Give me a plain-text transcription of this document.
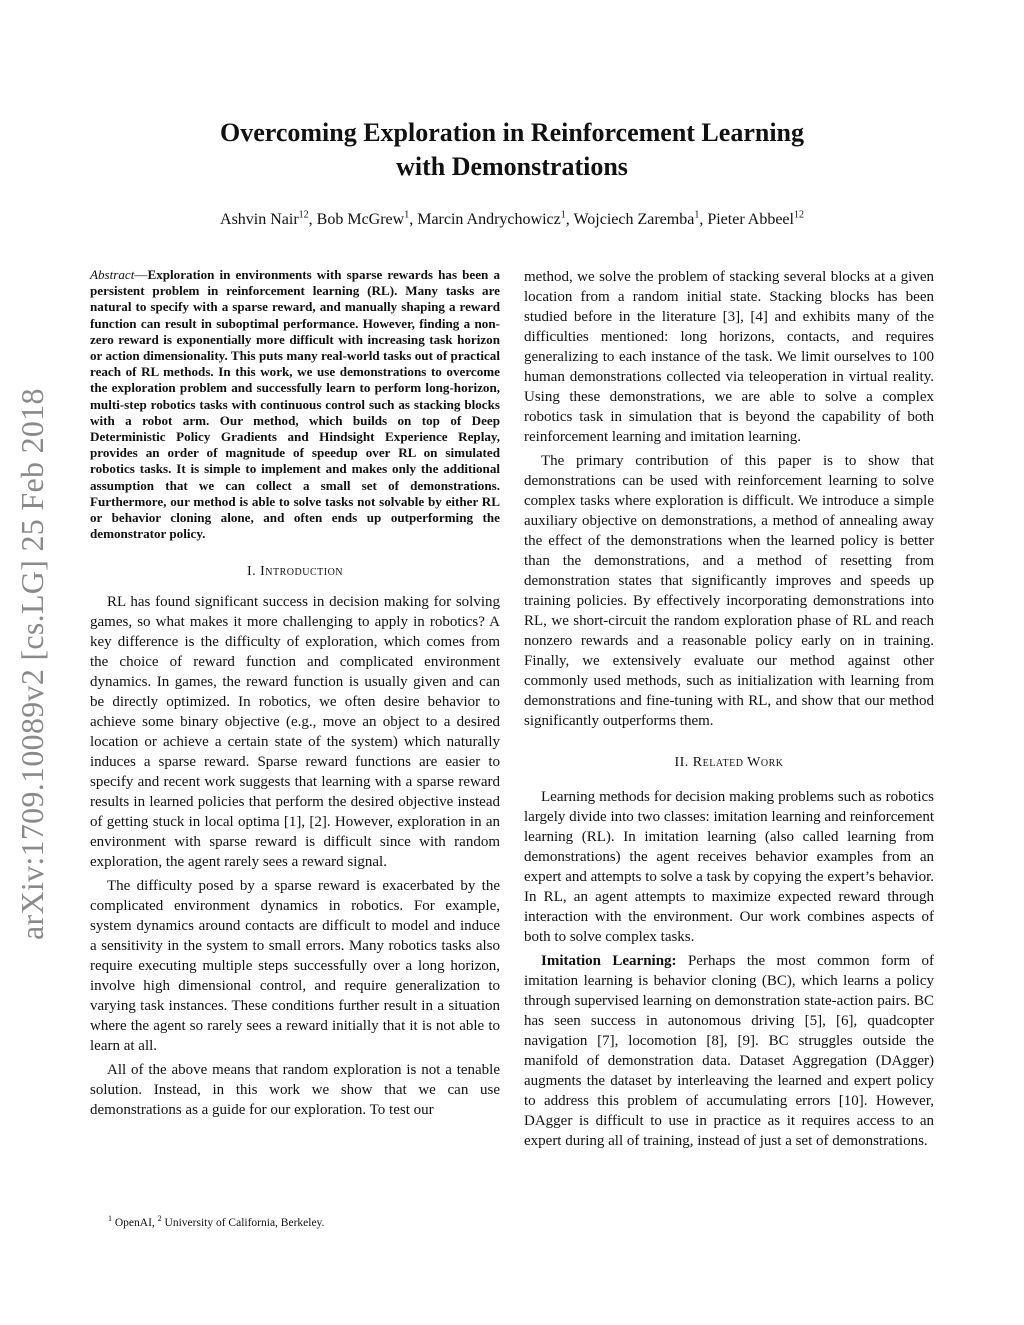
arXiv:1709.10089v2 [cs.LG] 25 Feb 2018
Overcoming Exploration in Reinforcement Learning
with Demonstrations
Ashvin Nair$^{12}$, Bob McGrew$^1$, Marcin Andrychowicz$^1$, Wojciech Zaremba$^1$, Pieter Abbeel$^{12}$

Abstract—Exploration in environments with sparse rewards has been a persistent problem in reinforcement learning (RL). Many tasks are natural to specify with a sparse reward, and manually shaping a reward function can result in suboptimal performance. However, finding a non-zero reward is exponentially more difficult with increasing task horizon or action dimensionality. This puts many real-world tasks out of practical reach of RL methods. In this work, we use demonstrations to overcome the exploration problem and successfully learn to perform long-horizon, multi-step robotics tasks with continuous control such as stacking blocks with a robot arm. Our method, which builds on top of Deep Deterministic Policy Gradients and Hindsight Experience Replay, provides an order of magnitude of speedup over RL on simulated robotics tasks. It is simple to implement and makes only the additional assumption that we can collect a small set of demonstrations. Furthermore, our method is able to solve tasks not solvable by either RL or behavior cloning alone, and often ends up outperforming the demonstrator policy.

I. Introduction

RL has found significant success in decision making for solving games, so what makes it more challenging to apply in robotics? A key difference is the difficulty of exploration, which comes from the choice of reward function and complicated environment dynamics. In games, the reward function is usually given and can be directly optimized. In robotics, we often desire behavior to achieve some binary objective (e.g., move an object to a desired location or achieve a certain state of the system) which naturally induces a sparse reward. Sparse reward functions are easier to specify and recent work suggests that learning with a sparse reward results in learned policies that perform the desired objective instead of getting stuck in local optima [1], [2]. However, exploration in an environment with sparse reward is difficult since with random exploration, the agent rarely sees a reward signal.

The difficulty posed by a sparse reward is exacerbated by the complicated environment dynamics in robotics. For example, system dynamics around contacts are difficult to model and induce a sensitivity in the system to small errors. Many robotics tasks also require executing multiple steps successfully over a long horizon, involve high dimensional control, and require generalization to varying task instances. These conditions further result in a situation where the agent so rarely sees a reward initially that it is not able to learn at all.

All of the above means that random exploration is not a tenable solution. Instead, in this work we show that we can use demonstrations as a guide for our exploration. To test our

method, we solve the problem of stacking several blocks at a given location from a random initial state. Stacking blocks has been studied before in the literature [3], [4] and exhibits many of the difficulties mentioned: long horizons, contacts, and requires generalizing to each instance of the task. We limit ourselves to 100 human demonstrations collected via teleoperation in virtual reality. Using these demonstrations, we are able to solve a complex robotics task in simulation that is beyond the capability of both reinforcement learning and imitation learning.

The primary contribution of this paper is to show that demonstrations can be used with reinforcement learning to solve complex tasks where exploration is difficult. We introduce a simple auxiliary objective on demonstrations, a method of annealing away the effect of the demonstrations when the learned policy is better than the demonstrations, and a method of resetting from demonstration states that significantly improves and speeds up training policies. By effectively incorporating demonstrations into RL, we short-circuit the random exploration phase of RL and reach nonzero rewards and a reasonable policy early on in training. Finally, we extensively evaluate our method against other commonly used methods, such as initialization with learning from demonstrations and fine-tuning with RL, and show that our method significantly outperforms them.

II. Related Work

Learning methods for decision making problems such as robotics largely divide into two classes: imitation learning and reinforcement learning (RL). In imitation learning (also called learning from demonstrations) the agent receives behavior examples from an expert and attempts to solve a task by copying the expert’s behavior. In RL, an agent attempts to maximize expected reward through interaction with the environment. Our work combines aspects of both to solve complex tasks.

Imitation Learning: Perhaps the most common form of imitation learning is behavior cloning (BC), which learns a policy through supervised learning on demonstration state-action pairs. BC has seen success in autonomous driving [5], [6], quadcopter navigation [7], locomotion [8], [9]. BC struggles outside the manifold of demonstration data. Dataset Aggregation (DAgger) augments the dataset by interleaving the learned and expert policy to address this problem of accumulating errors [10]. However, DAgger is difficult to use in practice as it requires access to an expert during all of training, instead of just a set of demonstrations.

$^1$ OpenAI, $^2$ University of California, Berkeley.
